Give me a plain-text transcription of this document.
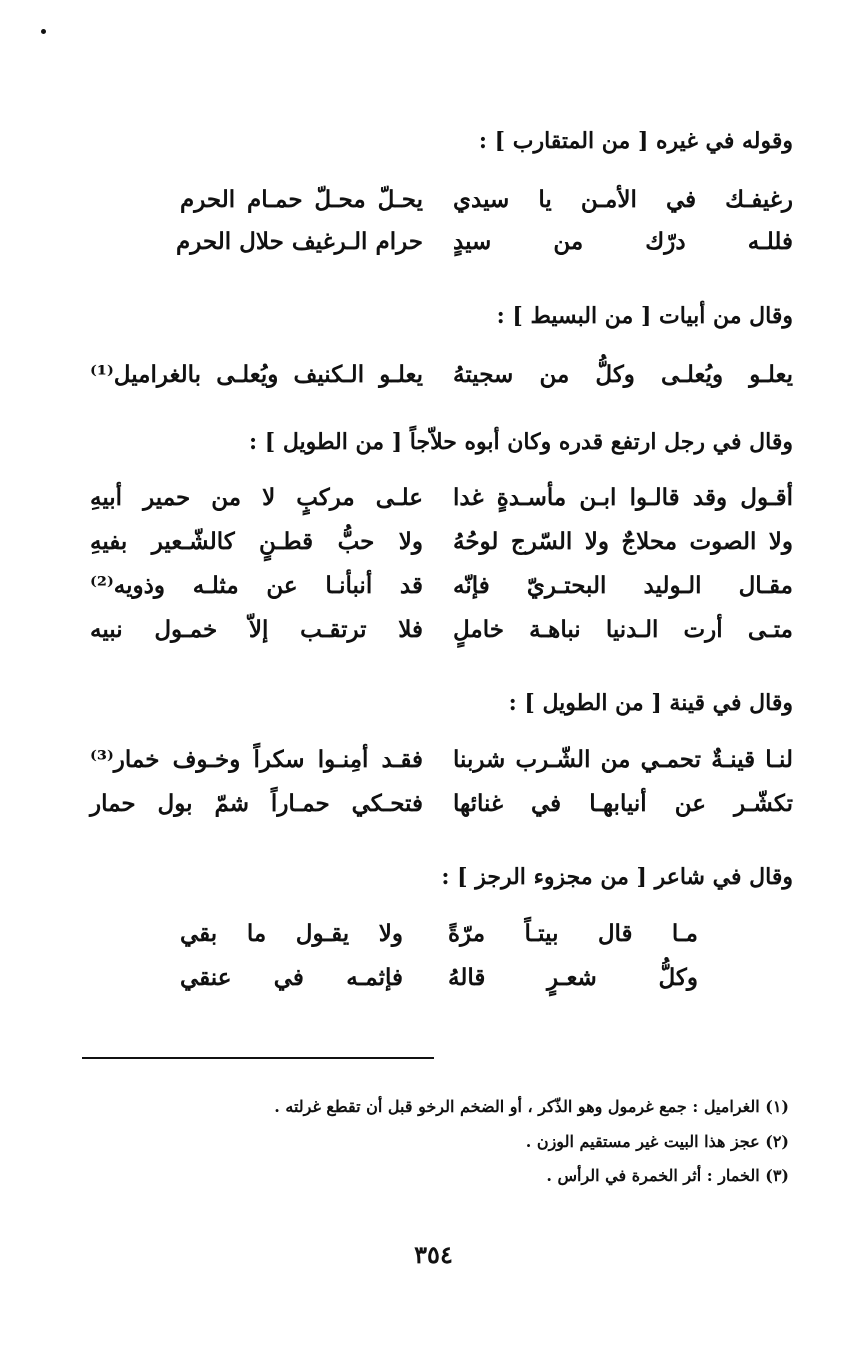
وقوله في غيره [ من المتقارب ] :
رغيفـك في الأمـن يا سيدي
يحـلّ محـلّ حمـام الحرم
فللـه درّك من سيدٍ
حرام الـرغيف حلال الحرم
وقال من أبيات [ من البسيط ] :
يعلـو ويُعلـى وكلُّ من سجيتهُ
يعلـو الـكنيف ويُعلـى بالغراميل⁽¹⁾
وقال في رجل ارتفع قدره وكان أبوه حلاّجاً [ من الطويل ] :
أقـول وقد قالـوا ابـن مأسـدةٍ غدا
علـى مركبٍ لا من حمير أبيهِ
ولا الصوت محلاجٌ ولا السّرج لوحُهُ
ولا حبُّ قطـنٍ كالشّـعير بفيهِ
مقـال الـوليد البحتـريّ فإنّه
قد أنبأنـا عن مثلـه وذويه⁽²⁾
متـى أرت الـدنيا نباهـة خاملٍ
فلا ترتقـب إلاّ خمـول نبيه
وقال في قينة [ من الطويل ] :
لنـا قينـةٌ تحمـي من الشّـرب شربنا
فقـد أمِنـوا سكراً وخـوف خمار⁽³⁾
تكشّـر عن أنيابهـا في غنائها
فتحـكي حمـاراً شمّ بول حمار
وقال في شاعر [ من مجزوء الرجز ] :
مـا قال بيتـاً مرّةً
ولا يقـول ما بقي
وكلُّ شعـرٍ قالهُ
فإثمـه في عنقي
(١) الغراميل : جمع غرمول وهو الذّكر ، أو الضخم الرخو قبل أن تقطع غرلته .
(٢) عجز هذا البيت غير مستقيم الوزن .
(٣) الخمار : أثر الخمرة في الرأس .
٣٥٤
